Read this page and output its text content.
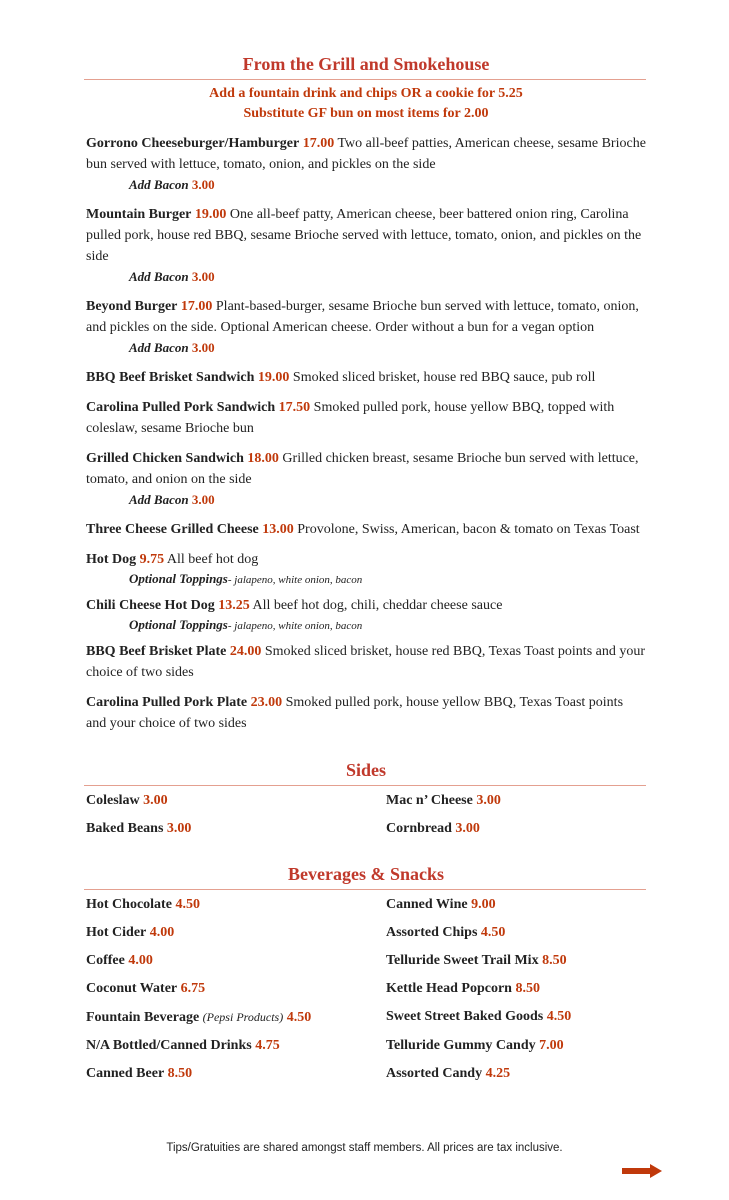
From the Grill and Smokehouse
Add a fountain drink and chips OR a cookie for 5.25
Substitute GF bun on most items for 2.00
Gorrono Cheeseburger/Hamburger 17.00 Two all-beef patties, American cheese, sesame Brioche bun served with lettuce, tomato, onion, and pickles on the side
Add Bacon 3.00
Mountain Burger 19.00 One all-beef patty, American cheese, beer battered onion ring, Carolina pulled pork, house red BBQ, sesame Brioche served with lettuce, tomato, onion, and pickles on the side
Add Bacon 3.00
Beyond Burger 17.00 Plant-based-burger, sesame Brioche bun served with lettuce, tomato, onion, and pickles on the side. Optional American cheese. Order without a bun for a vegan option
Add Bacon 3.00
BBQ Beef Brisket Sandwich 19.00 Smoked sliced brisket, house red BBQ sauce, pub roll
Carolina Pulled Pork Sandwich 17.50 Smoked pulled pork, house yellow BBQ, topped with coleslaw, sesame Brioche bun
Grilled Chicken Sandwich 18.00 Grilled chicken breast, sesame Brioche bun served with lettuce, tomato, and onion on the side
Add Bacon 3.00
Three Cheese Grilled Cheese 13.00 Provolone, Swiss, American, bacon & tomato on Texas Toast
Hot Dog 9.75 All beef hot dog
Optional Toppings- jalapeno, white onion, bacon
Chili Cheese Hot Dog 13.25 All beef hot dog, chili, cheddar cheese sauce
Optional Toppings- jalapeno, white onion, bacon
BBQ Beef Brisket Plate 24.00 Smoked sliced brisket, house red BBQ, Texas Toast points and your choice of two sides
Carolina Pulled Pork Plate 23.00 Smoked pulled pork, house yellow BBQ, Texas Toast points and your choice of two sides
Sides
Coleslaw 3.00	Mac n’ Cheese 3.00
Baked Beans 3.00	Cornbread 3.00
Beverages & Snacks
Hot Chocolate 4.50	Canned Wine 9.00
Hot Cider 4.00	Assorted Chips 4.50
Coffee 4.00	Telluride Sweet Trail Mix 8.50
Coconut Water 6.75	Kettle Head Popcorn 8.50
Fountain Beverage (Pepsi Products) 4.50	Sweet Street Baked Goods 4.50
N/A Bottled/Canned Drinks 4.75	Telluride Gummy Candy 7.00
Canned Beer 8.50	Assorted Candy 4.25
Tips/Gratuities are shared amongst staff members. All prices are tax inclusive.
